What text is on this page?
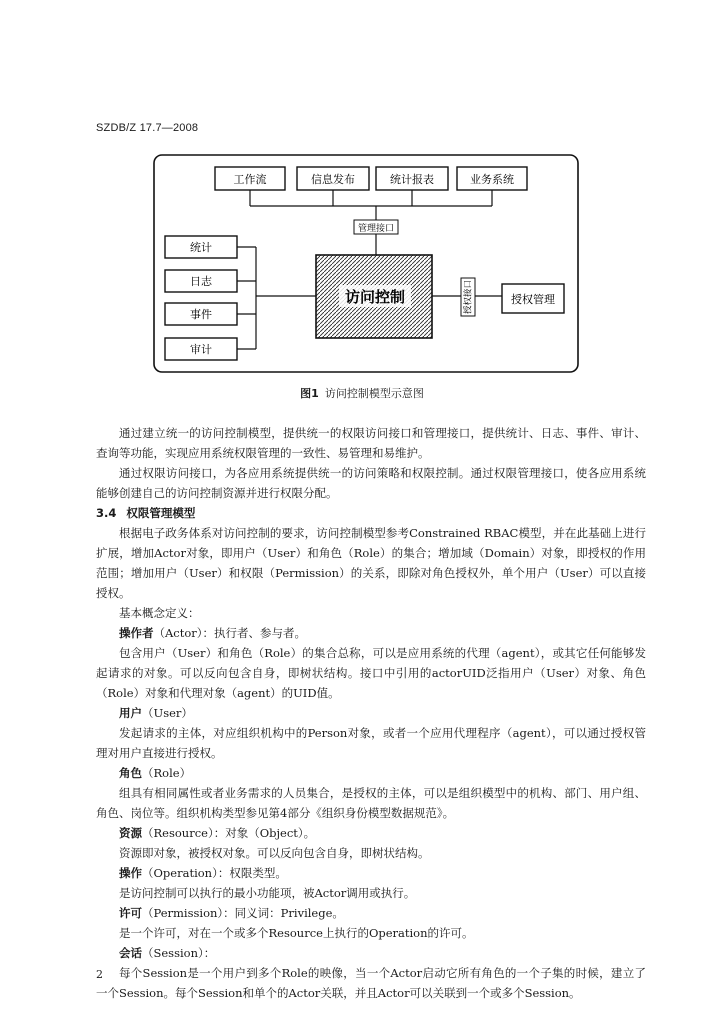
SZDB/Z 17.7—2008
工作流	信息发布	统计报表	业务系统
管理接口
统计
日志
事件
审计
访问控制	授权接口	授权管理
图1 访问控制模型示意图

通过建立统一的访问控制模型，提供统一的权限访问接口和管理接口，提供统计、日志、事件、审计、查询等功能，实现应用系统权限管理的一致性、易管理和易维护。

通过权限访问接口，为各应用系统提供统一的访问策略和权限控制。通过权限管理接口，使各应用系统能够创建自己的访问控制资源并进行权限分配。

3.4 权限管理模型

根据电子政务体系对访问控制的要求，访问控制模型参考Constrained RBAC模型，并在此基础上进行扩展，增加Actor对象，即用户（User）和角色（Role）的集合；增加域（Domain）对象，即授权的作用范围；增加用户（User）和权限（Permission）的关系，即除对角色授权外，单个用户（User）可以直接授权。

基本概念定义：

操作者（Actor）：执行者、参与者。

包含用户（User）和角色（Role）的集合总称，可以是应用系统的代理（agent），或其它任何能够发起请求的对象。可以反向包含自身，即树状结构。接口中引用的actorUID泛指用户（User）对象、角色（Role）对象和代理对象（agent）的UID值。

用户（User）

发起请求的主体，对应组织机构中的Person对象，或者一个应用代理程序（agent），可以通过授权管理对用户直接进行授权。

角色（Role）

组具有相同属性或者业务需求的人员集合，是授权的主体，可以是组织模型中的机构、部门、用户组、角色、岗位等。组织机构类型参见第4部分《组织身份模型数据规范》。

资源（Resource）：对象（Object）。

资源即对象，被授权对象。可以反向包含自身，即树状结构。

操作（Operation）：权限类型。

是访问控制可以执行的最小功能项，被Actor调用或执行。

许可（Permission）：同义词：Privilege。

是一个许可，对在一个或多个Resource上执行的Operation的许可。

会话（Session）：

每个Session是一个用户到多个Role的映像，当一个Actor启动它所有角色的一个子集的时候，建立了一个Session。每个Session和单个的Actor关联，并且Actor可以关联到一个或多个Session。

2
